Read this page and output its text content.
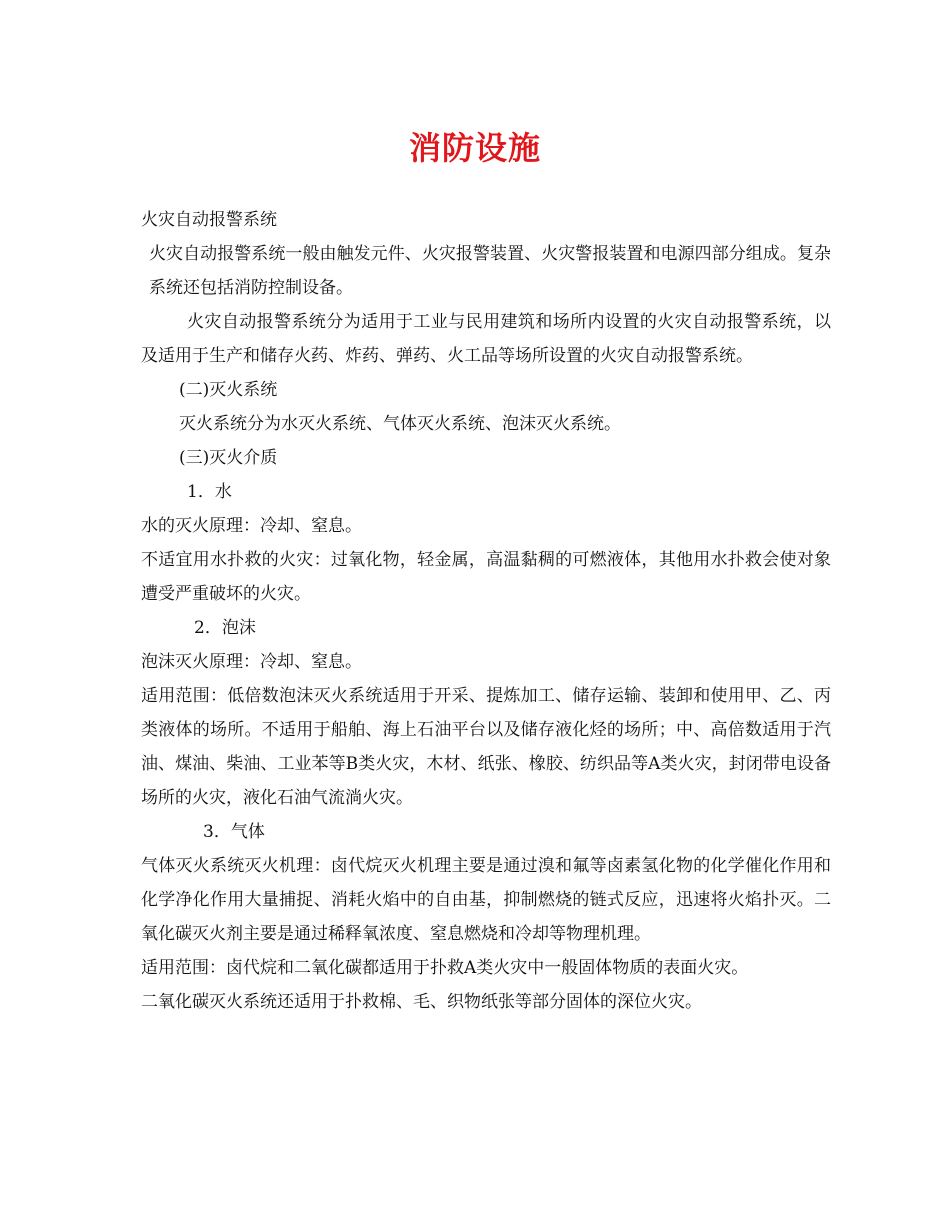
消防设施

火灾自动报警系统

火灾自动报警系统一般由触发元件、火灾报警装置、火灾警报装置和电源四部分组成。复杂系统还包括消防控制设备。

火灾自动报警系统分为适用于工业与民用建筑和场所内设置的火灾自动报警系统，以及适用于生产和储存火药、炸药、弹药、火工品等场所设置的火灾自动报警系统。

(二)灭火系统

灭火系统分为水灭火系统、气体灭火系统、泡沫灭火系统。

(三)灭火介质

1．水

水的灭火原理：冷却、窒息。

不适宜用水扑救的火灾：过氧化物，轻金属，高温黏稠的可燃液体，其他用水扑救会使对象遭受严重破坏的火灾。

2．泡沫

泡沫灭火原理：冷却、窒息。

适用范围：低倍数泡沫灭火系统适用于开采、提炼加工、储存运输、装卸和使用甲、乙、丙类液体的场所。不适用于船舶、海上石油平台以及储存液化烃的场所；中、高倍数适用于汽油、煤油、柴油、工业苯等B类火灾，木材、纸张、橡胶、纺织品等A类火灾，封闭带电设备场所的火灾，液化石油气流淌火灾。

3．气体

气体灭火系统灭火机理：卤代烷灭火机理主要是通过溴和氟等卤素氢化物的化学催化作用和化学净化作用大量捕捉、消耗火焰中的自由基，抑制燃烧的链式反应，迅速将火焰扑灭。二氧化碳灭火剂主要是通过稀释氧浓度、窒息燃烧和冷却等物理机理。

适用范围：卤代烷和二氧化碳都适用于扑救A类火灾中一般固体物质的表面火灾。

二氧化碳灭火系统还适用于扑救棉、毛、织物纸张等部分固体的深位火灾。
